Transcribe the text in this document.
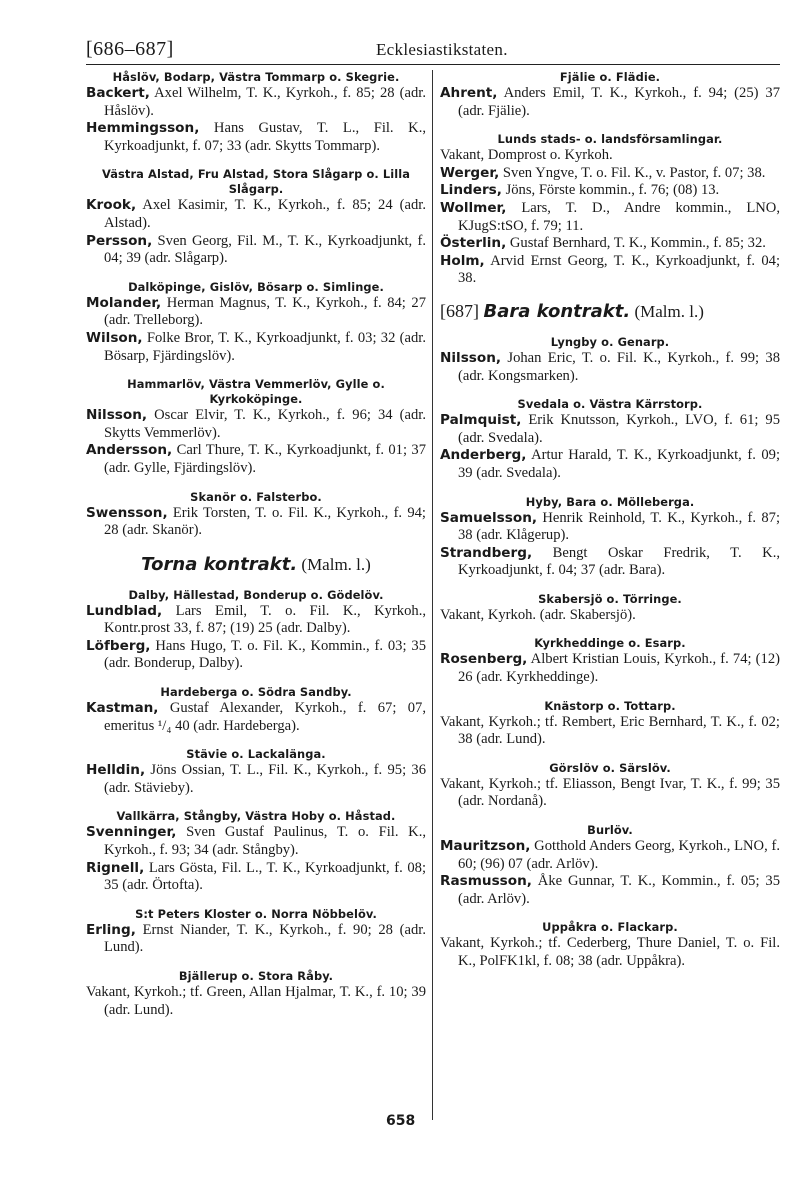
[686–687]	Ecklesiastikstaten.

Håslöv, Bodarp, Västra Tommarp o. Skegrie.

Backert, Axel Wilhelm, T. K., Kyrkoh., f. 85; 28 (adr. Håslöv).

Hemmingsson, Hans Gustav, T. L., Fil. K., Kyrkoadjunkt, f. 07; 33 (adr. Skytts Tommarp).

Västra Alstad, Fru Alstad, Stora Slågarp o. Lilla Slågarp.

Krook, Axel Kasimir, T. K., Kyrkoh., f. 85; 24 (adr. Alstad).

Persson, Sven Georg, Fil. M., T. K., Kyrkoadjunkt, f. 04; 39 (adr. Slågarp).

Dalköpinge, Gislöv, Bösarp o. Simlinge.

Molander, Herman Magnus, T. K., Kyrkoh., f. 84; 27 (adr. Trelleborg).

Wilson, Folke Bror, T. K., Kyrkoadjunkt, f. 03; 32 (adr. Bösarp, Fjärdingslöv).

Hammarlöv, Västra Vemmerlöv, Gylle o. Kyrkoköpinge.

Nilsson, Oscar Elvir, T. K., Kyrkoh., f. 96; 34 (adr. Skytts Vemmerlöv).

Andersson, Carl Thure, T. K., Kyrkoadjunkt, f. 01; 37 (adr. Gylle, Fjärdingslöv).

Skanör o. Falsterbo.

Swensson, Erik Torsten, T. o. Fil. K., Kyrkoh., f. 94; 28 (adr. Skanör).

Torna kontrakt. (Malm. l.)

Dalby, Hällestad, Bonderup o. Gödelöv.

Lundblad, Lars Emil, T. o. Fil. K., Kyrkoh., Kontr.prost 33, f. 87; (19) 25 (adr. Dalby).

Löfberg, Hans Hugo, T. o. Fil. K., Kommin., f. 03; 35 (adr. Bonderup, Dalby).

Hardeberga o. Södra Sandby.

Kastman, Gustaf Alexander, Kyrkoh., f. 67; 07, emeritus ¹/₄ 40 (adr. Hardeberga).

Stävie o. Lackalänga.

Helldin, Jöns Ossian, T. L., Fil. K., Kyrkoh., f. 95; 36 (adr. Stävieby).

Vallkärra, Stångby, Västra Hoby o. Håstad.

Svenninger, Sven Gustaf Paulinus, T. o. Fil. K., Kyrkoh., f. 93; 34 (adr. Stångby).

Rignell, Lars Gösta, Fil. L., T. K., Kyrkoadjunkt, f. 08; 35 (adr. Örtofta).

S:t Peters Kloster o. Norra Nöbbelöv.

Erling, Ernst Niander, T. K., Kyrkoh., f. 90; 28 (adr. Lund).

Bjällerup o. Stora Råby.

Vakant, Kyrkoh.; tf. Green, Allan Hjalmar, T. K., f. 10; 39 (adr. Lund).

Fjälie o. Flädie.

Ahrent, Anders Emil, T. K., Kyrkoh., f. 94; (25) 37 (adr. Fjälie).

Lunds stads- o. landsförsamlingar.

Vakant, Domprost o. Kyrkoh.

Werger, Sven Yngve, T. o. Fil. K., v. Pastor, f. 07; 38.

Linders, Jöns, Förste kommin., f. 76; (08) 13.

Wollmer, Lars, T. D., Andre kommin., LNO, KJugS:tSO, f. 79; 11.

Österlin, Gustaf Bernhard, T. K., Kommin., f. 85; 32.

Holm, Arvid Ernst Georg, T. K., Kyrkoadjunkt, f. 04; 38.

[687] Bara kontrakt. (Malm. l.)

Lyngby o. Genarp.

Nilsson, Johan Eric, T. o. Fil. K., Kyrkoh., f. 99; 38 (adr. Kongsmarken).

Svedala o. Västra Kärrstorp.

Palmquist, Erik Knutsson, Kyrkoh., LVO, f. 61; 95 (adr. Svedala).

Anderberg, Artur Harald, T. K., Kyrkoadjunkt, f. 09; 39 (adr. Svedala).

Hyby, Bara o. Mölleberga.

Samuelsson, Henrik Reinhold, T. K., Kyrkoh., f. 87; 38 (adr. Klågerup).

Strandberg, Bengt Oskar Fredrik, T. K., Kyrkoadjunkt, f. 04; 37 (adr. Bara).

Skabersjö o. Törringe.

Vakant, Kyrkoh. (adr. Skabersjö).

Kyrkheddinge o. Esarp.

Rosenberg, Albert Kristian Louis, Kyrkoh., f. 74; (12) 26 (adr. Kyrkheddinge).

Knästorp o. Tottarp.

Vakant, Kyrkoh.; tf. Rembert, Eric Bernhard, T. K., f. 02; 38 (adr. Lund).

Görslöv o. Särslöv.

Vakant, Kyrkoh.; tf. Eliasson, Bengt Ivar, T. K., f. 99; 35 (adr. Nordanå).

Burlöv.

Mauritzson, Gotthold Anders Georg, Kyrkoh., LNO, f. 60; (96) 07 (adr. Arlöv).

Rasmusson, Åke Gunnar, T. K., Kommin., f. 05; 35 (adr. Arlöv).

Uppåkra o. Flackarp.

Vakant, Kyrkoh.; tf. Cederberg, Thure Daniel, T. o. Fil. K., PolFK1kl, f. 08; 38 (adr. Uppåkra).

658
